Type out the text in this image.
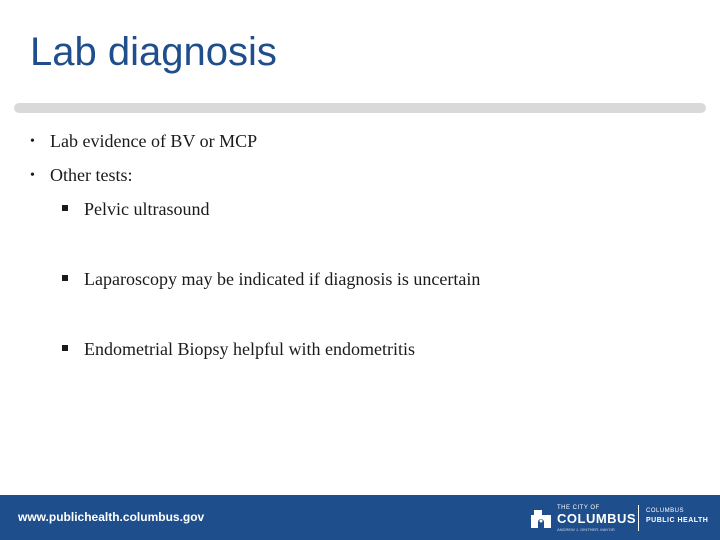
Lab diagnosis
• Lab evidence of BV or MCP
• Other tests:
Pelvic ultrasound
Laparoscopy may be indicated if diagnosis is uncertain
Endometrial Biopsy helpful with endometritis
www.publichealth.columbus.gov
THE CITY OF
COLUMBUS
ANDREW J. GINTHER, MAYOR
COLUMBUS
PUBLIC HEALTH
